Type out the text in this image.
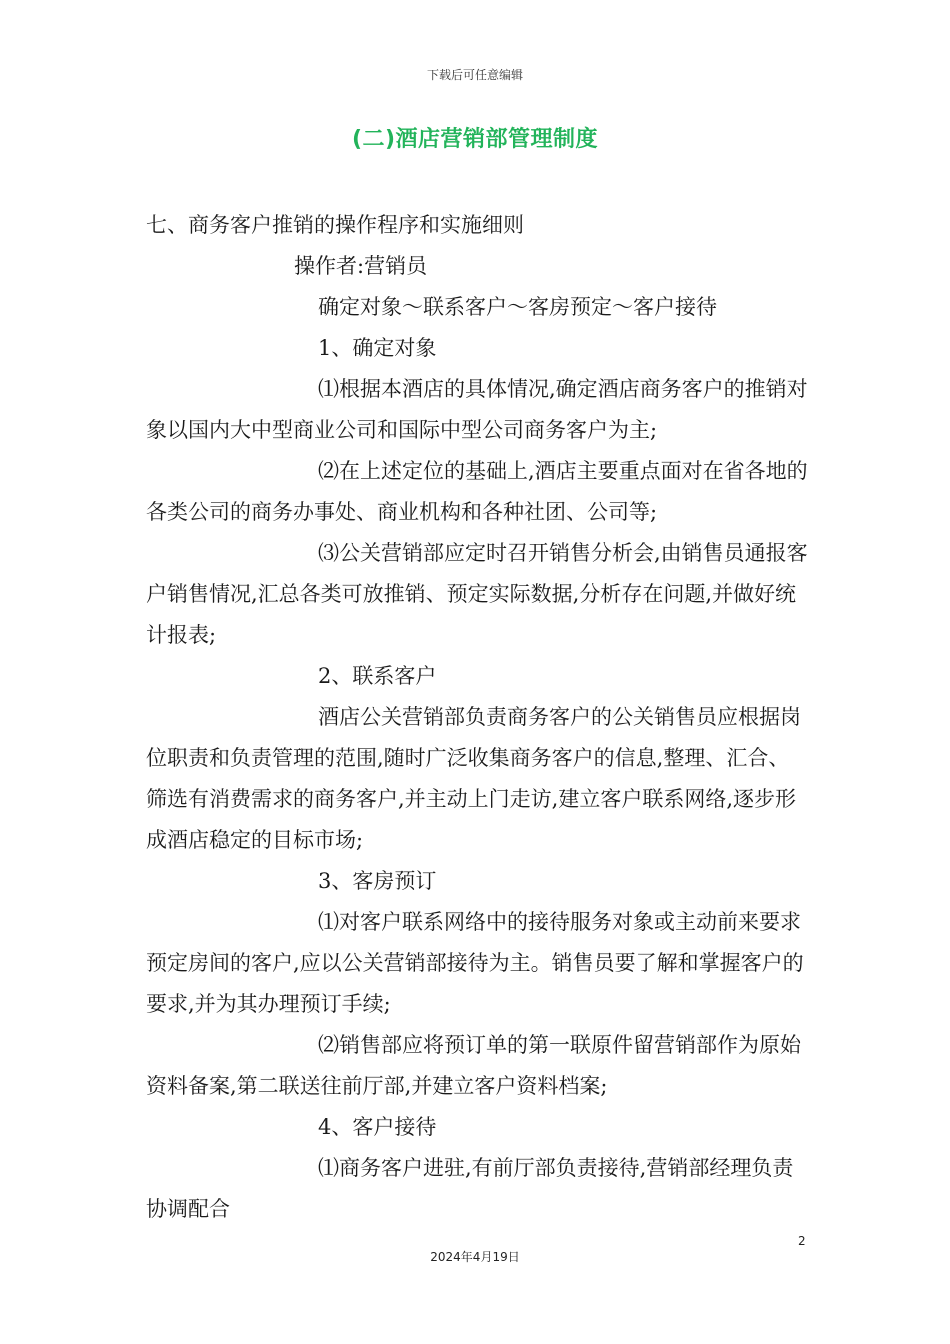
下载后可任意编辑
(二)酒店营销部管理制度

七、商务客户推销的操作程序和实施细则

操作者:营销员

确定对象～联系客户～客房预定～客户接待

1、确定对象

⑴根据本酒店的具体情况,确定酒店商务客户的推销对象以国内大中型商业公司和国际中型公司商务客户为主;

⑵在上述定位的基础上,酒店主要重点面对在省各地的各类公司的商务办事处、商业机构和各种社团、公司等;

⑶公关营销部应定时召开销售分析会,由销售员通报客户销售情况,汇总各类可放推销、预定实际数据,分析存在问题,并做好统计报表;

2、联系客户

酒店公关营销部负责商务客户的公关销售员应根据岗位职责和负责管理的范围,随时广泛收集商务客户的信息,整理、汇合、筛选有消费需求的商务客户,并主动上门走访,建立客户联系网络,逐步形成酒店稳定的目标市场;

3、客房预订

⑴对客户联系网络中的接待服务对象或主动前来要求预定房间的客户,应以公关营销部接待为主。销售员要了解和掌握客户的要求,并为其办理预订手续;

⑵销售部应将预订单的第一联原件留营销部作为原始资料备案,第二联送往前厅部,并建立客户资料档案;

4、客户接待

⑴商务客户进驻,有前厅部负责接待,营销部经理负责协调配合

2
2024年4月19日
